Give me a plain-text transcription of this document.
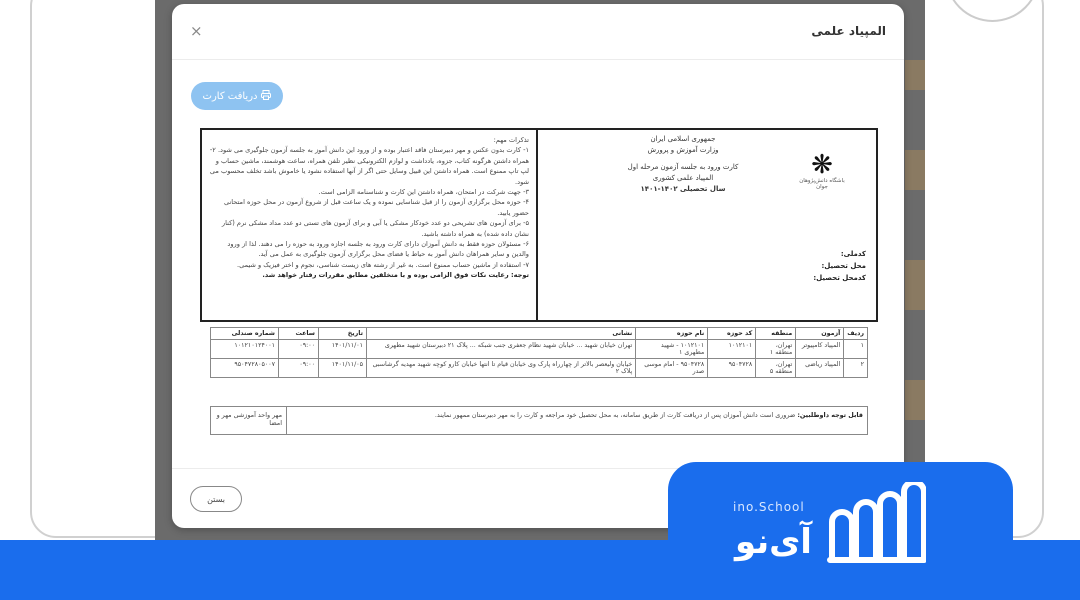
المپیاد علمی
×
دریافت کارت
تذکرات مهم:
۱- کارت بدون عکس و مهر دبیرستان فاقد اعتبار بوده و از ورود این دانش آموز به جلسه آزمون جلوگیری می شود. ۲- همراه داشتن هرگونه کتاب، جزوه، یادداشت و لوازم الکترونیکی نظیر تلفن همراه، ساعت هوشمند، ماشین حساب و لپ تاپ ممنوع است. همراه داشتن این قبیل وسایل حتی اگر از آنها استفاده نشود یا خاموش باشد تخلف محسوب می شود.
۳- جهت شرکت در امتحان، همراه داشتن این کارت و شناسنامه الزامی است.
۴- حوزه محل برگزاری آزمون را از قبل شناسایی نموده و یک ساعت قبل از شروع آزمون در محل حوزه امتحانی حضور یابید.
۵- برای آزمون های تشریحی دو عدد خودکار مشکی یا آبی و برای آزمون های تستی دو عدد مداد مشکی نرم (کنار نشان داده شده) به همراه داشته باشید.
۶- مسئولان حوزه فقط به دانش آموزان دارای کارت ورود به جلسه اجازه ورود به حوزه را می دهند. لذا از ورود والدین و سایر همراهان دانش آموز به حیاط یا فضای محل برگزاری آزمون جلوگیری به عمل می آید.
۷- استفاده از ماشین حساب ممنوع است. به غیر از رشته های زیست شناسی، نجوم و اختر فیزیک و شیمی.
توجه: رعایت نکات فوق الزامی بوده و با متخلفین مطابق مقررات رفتار خواهد شد.
جمهوری اسلامی ایران
وزارت آموزش و پرورش
کارت ورود به جلسه آزمون مرحله اول
المپیاد علمی کشوری
سال تحصیلی ۱۴۰۲-۱۴۰۱
❋
باشگاه دانش‌پژوهان جوان
کدملی:
محل تحصیل:
کدمحل تحصیل:
ردیف	آزمون	منطقه	کد حوزه	نام حوزه	نشانی	تاریخ	ساعت	شماره صندلی
۱	المپیاد کامپیوتر	تهران، منطقه ۱	۱۰۱۲۱۰۱	۱۰۱۲۱۰۱ - شهید مطهری ۱	تهران خیابان شهید ... خیابان شهید نظام جعفری جنب شبکه ... پلاک ۲۱ دبیرستان شهید مطهری	۱۴۰۱/۱۱/۰۱	۰۹:۰۰	۱۰۱۲۱۰۱۲۴۰۰۱
۲	المپیاد ریاضی	تهران، منطقه ۵	۹۵۰۴۷۲۸	۹۵۰۴۷۲۸ - امام موسی صدر	خیابان ولیعصر بالاتر از چهارراه پارک وی خیابان قیام تا انتها خیابان کارو کوچه شهید مهدیه گرشاسبی پلاک ۲	۱۴۰۱/۱۱/۰۵	۰۹:۰۰	۹۵۰۴۷۲۸۰۵۰۰۷
قابل توجه داوطلبین: ضروری است دانش آموزان پس از دریافت کارت از طریق سامانه، به محل تحصیل خود مراجعه و کارت را به مهر دبیرستان ممهور نمایند.	مهر واحد آموزشی مهر و امضا
بستن
ino.School
آی‌نو
